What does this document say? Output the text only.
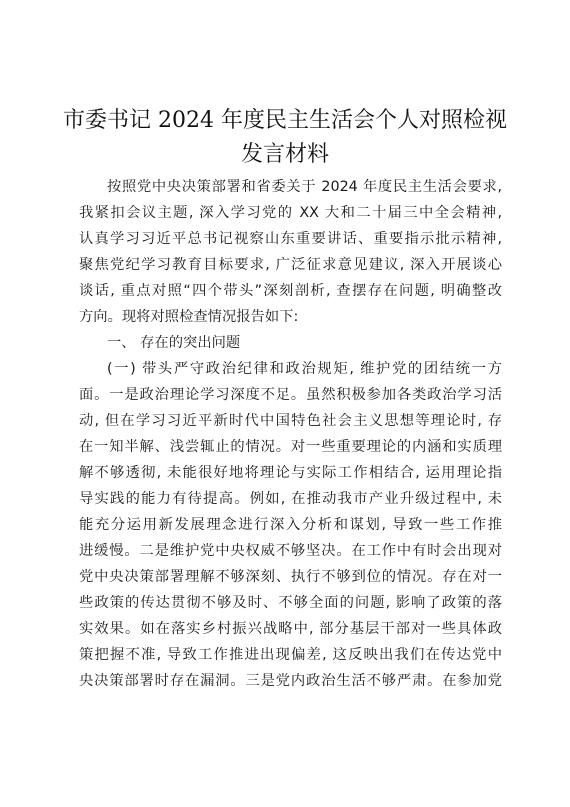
市委书记 2024 年度民主生活会个人对照检视
发言材料
按照党中央决策部署和省委关于 2024 年度民主生活会要求,
我紧扣会议主题, 深入学习党的 XX 大和二十届三中全会精神,
认真学习习近平总书记视察山东重要讲话、重要指示批示精神,
聚焦党纪学习教育目标要求, 广泛征求意见建议, 深入开展谈心
谈话, 重点对照“四个带头”深刻剖析, 查摆存在问题, 明确整改
方向。现将对照检查情况报告如下:
一、 存在的突出问题
(一) 带头严守政治纪律和政治规矩, 维护党的团结统一方
面。一是政治理论学习深度不足。虽然积极参加各类政治学习活
动, 但在学习习近平新时代中国特色社会主义思想等理论时, 存
在一知半解、浅尝辄止的情况。对一些重要理论的内涵和实质理
解不够透彻, 未能很好地将理论与实际工作相结合, 运用理论指
导实践的能力有待提高。例如, 在推动我市产业升级过程中, 未
能充分运用新发展理念进行深入分析和谋划, 导致一些工作推
进缓慢。二是维护党中央权威不够坚决。在工作中有时会出现对
党中央决策部署理解不够深刻、执行不够到位的情况。存在对一
些政策的传达贯彻不够及时、不够全面的问题, 影响了政策的落
实效果。如在落实乡村振兴战略中, 部分基层干部对一些具体政
策把握不准, 导致工作推进出现偏差, 这反映出我们在传达党中
央决策部署时存在漏洞。三是党内政治生活不够严肃。在参加党
